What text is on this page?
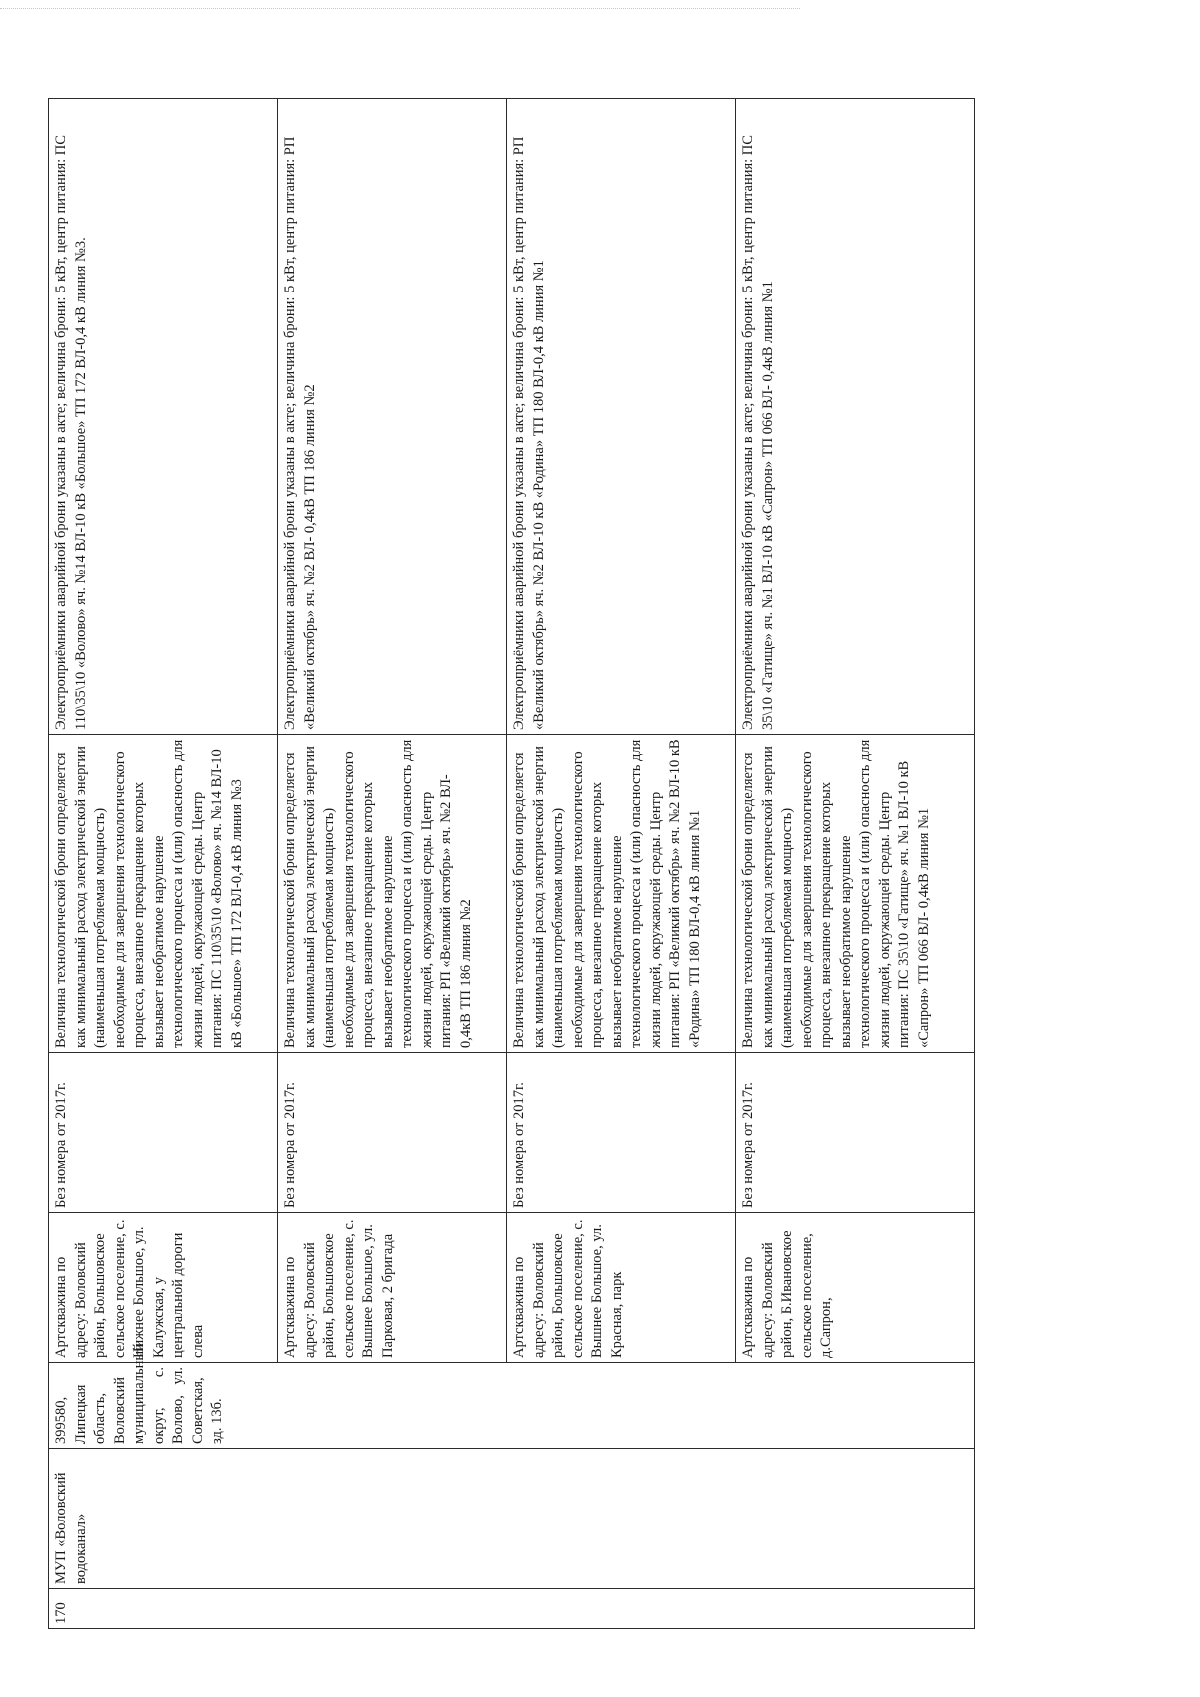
170	МУП «Воловский водоканал»	399580, Липецкая область, Воловский муниципальный округ, с. Волово, ул. Советская, зд. 13б.	Артскважина по адресу: Воловский район, Большовское сельское поселение, с. Нижнее Большое, ул. Калужская, у центральной дороги слева	Без номера от 2017г.	Величина технологической брони определяется как минимальный расход электрической энергии (наименьшая потребляемая мощность) необходимые для завершения технологического процесса, внезапное прекращение которых вызывает необратимое нарушение технологического процесса и (или) опасность для жизни людей, окружающей среды. Центр питания: ПС 110\35\10 «Волово» яч. №14 ВЛ-10 кВ «Большое» ТП 172 ВЛ-0,4 кВ линия №3	Электроприёмники аварийной брони указаны в акте; величина брони: 5 кВт, центр питания: ПС 110\35\10 «Волово» яч. №14 ВЛ-10 кВ «Большое» ТП 172 ВЛ-0,4 кВ линия №3.
			Артскважина по адресу: Воловский район, Большовское сельское поселение, с. Вышнее Большое, ул. Парковая, 2 бригада	Без номера от 2017г.	Величина технологической брони определяется как минимальный расход электрической энергии (наименьшая потребляемая мощность) необходимые для завершения технологического процесса, внезапное прекращение которых вызывает необратимое нарушение технологического процесса и (или) опасность для жизни людей, окружающей среды. Центр питания: РП «Великий октябрь» яч. №2 ВЛ- 0,4кВ ТП 186 линия №2	Электроприёмники аварийной брони указаны в акте; величина брони: 5 кВт, центр питания: РП «Великий октябрь» яч. №2 ВЛ- 0,4кВ ТП 186 линия №2
			Артскважина по адресу: Воловский район, Большовское сельское поселение, с. Вышнее Большое, ул. Красная, парк	Без номера от 2017г.	Величина технологической брони определяется как минимальный расход электрической энергии (наименьшая потребляемая мощность) необходимые для завершения технологического процесса, внезапное прекращение которых вызывает необратимое нарушение технологического процесса и (или) опасность для жизни людей, окружающей среды. Центр питания: РП «Великий октябрь» яч. №2 ВЛ-10 кВ «Родина» ТП 180 ВЛ-0,4 кВ линия №1	Электроприёмники аварийной брони указаны в акте; величина брони: 5 кВт, центр питания: РП «Великий октябрь» яч. №2 ВЛ-10 кВ «Родина» ТП 180 ВЛ-0,4 кВ линия №1
			Артскважина по адресу: Воловский район, Б.Ивановское сельское поселение, д.Сапрон,	Без номера от 2017г.	Величина технологической брони определяется как минимальный расход электрической энергии (наименьшая потребляемая мощность) необходимые для завершения технологического процесса, внезапное прекращение которых вызывает необратимое нарушение технологического процесса и (или) опасность для жизни людей, окружающей среды. Центр питания: ПС 35\10 «Гатище» яч. №1 ВЛ-10 кВ «Сапрон» ТП 066 ВЛ- 0,4кВ линия №1	Электроприёмники аварийной брони указаны в акте; величина брони: 5 кВт, центр питания: ПС 35\10 «Гатище» яч. №1 ВЛ-10 кВ «Сапрон» ТП 066 ВЛ- 0,4кВ линия №1
